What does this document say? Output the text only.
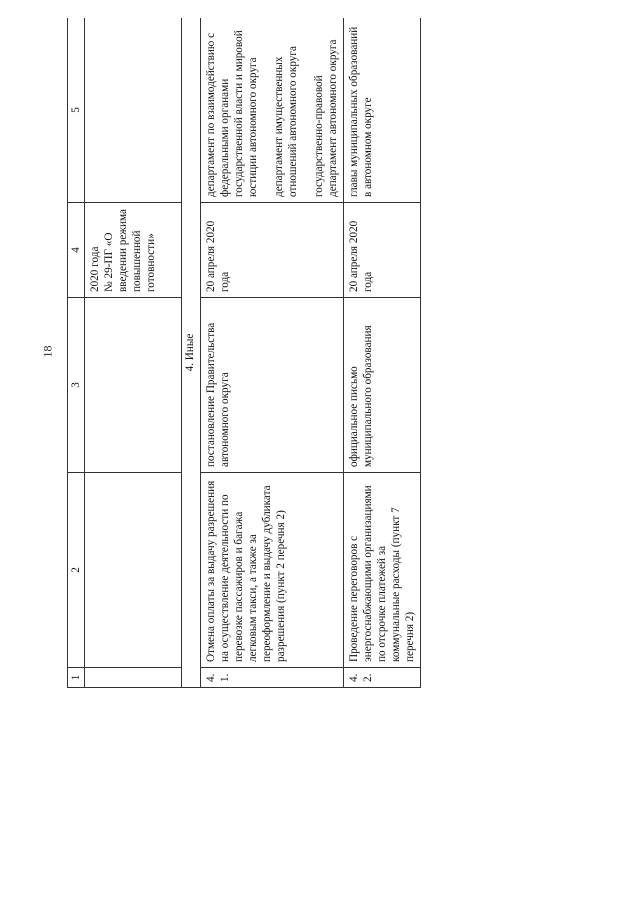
18
1	2	3	4	5
			2020 года
№ 29-ПГ «О введении режима повышенной готовности»	
4. Иные				
4.1.	Отмена оплаты за выдачу разрешения на осуществление деятельности по перевозке пассажиров и багажа легковым такси, а также за переоформление и выдачу дубликата разрешения (пункт 2 перечня 2)	постановление Правительства автономного округа	20 апреля 2020 года	департамент по взаимодействию с федеральными органами государственной власти и мировой юстиции автономного округа департамент имущественных отношений автономного округа государственно-правовой департамент автономного округа

4.2.	Проведение переговоров с энергоснабжающими организациями по отсрочке платежей за коммунальные расходы (пункт 7 перечня 2)	официальное письмо муниципального образования	20 апреля 2020 года	главы муниципальных образований в автономном округе
